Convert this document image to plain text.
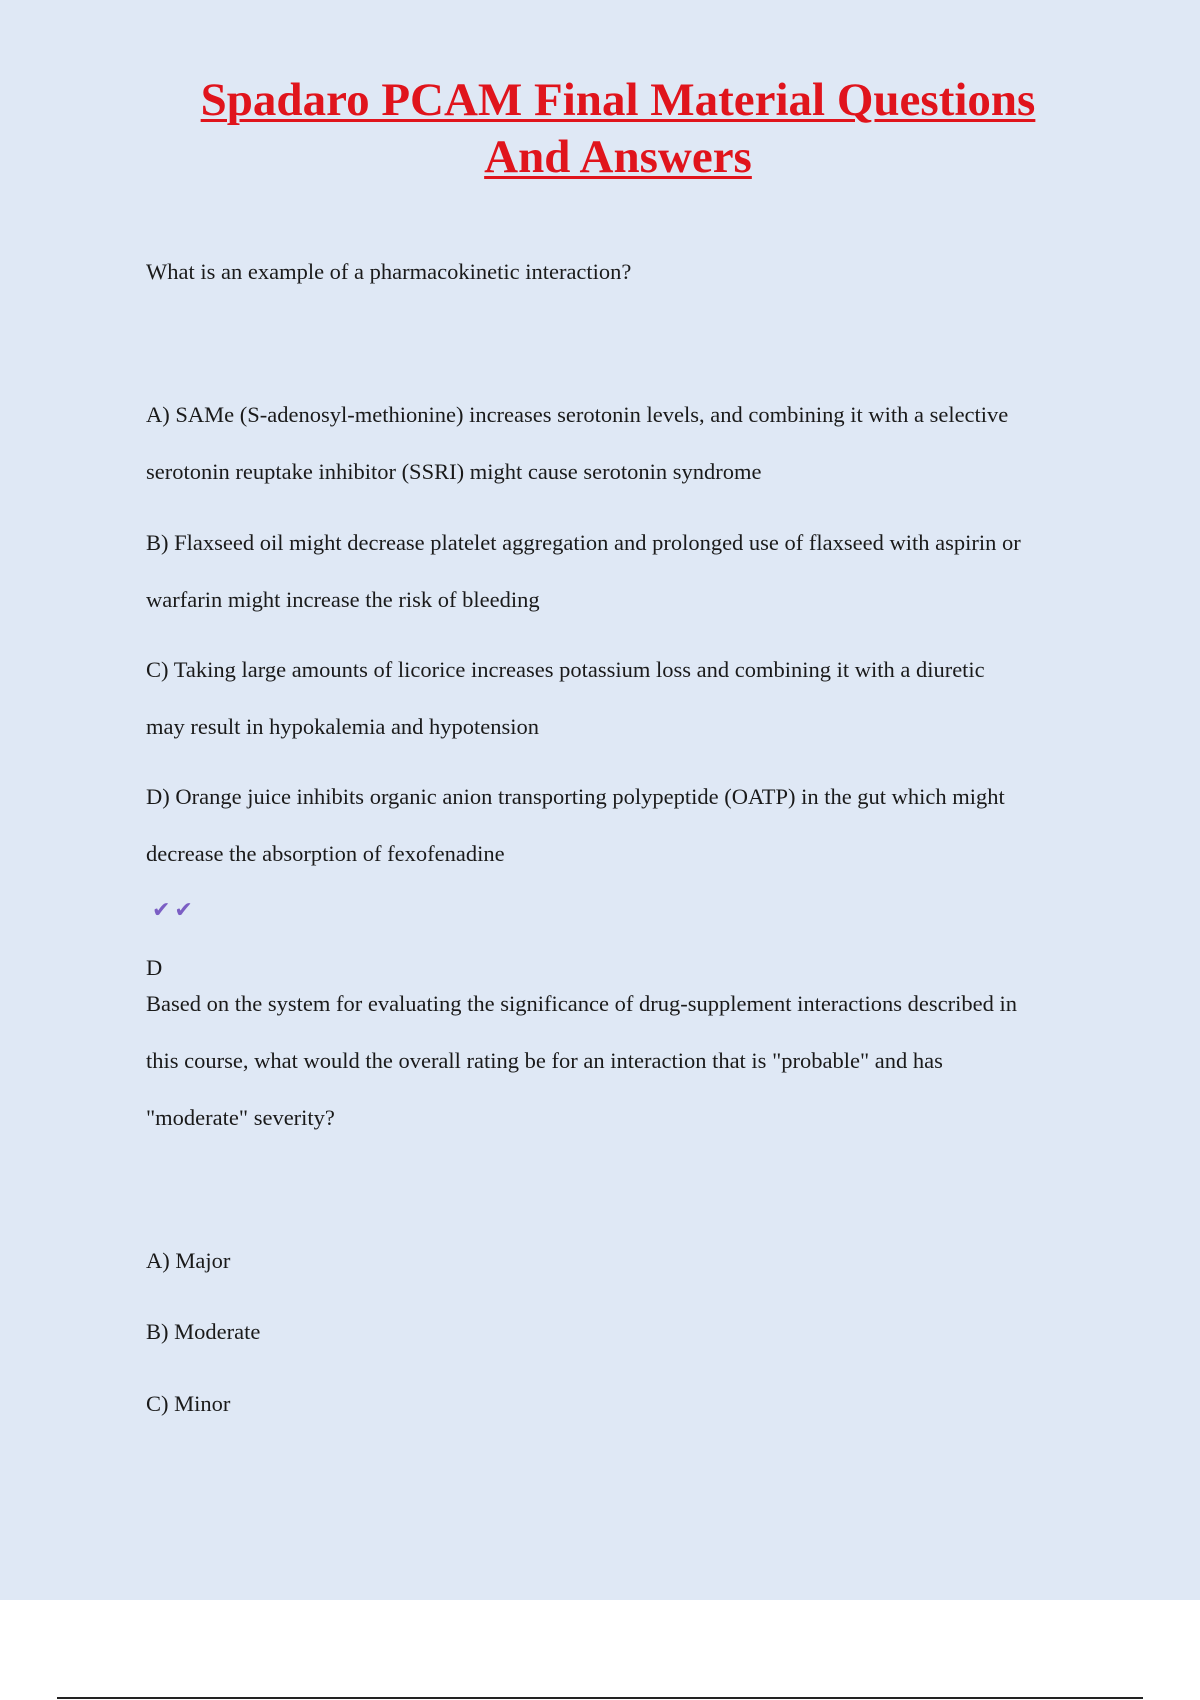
Spadaro PCAM Final Material Questions
And Answers

What is an example of a pharmacokinetic interaction?

A) SAMe (S-adenosyl-methionine) increases serotonin levels, and combining it with a selective
serotonin reuptake inhibitor (SSRI) might cause serotonin syndrome

B) Flaxseed oil might decrease platelet aggregation and prolonged use of flaxseed with aspirin or
warfarin might increase the risk of bleeding

C) Taking large amounts of licorice increases potassium loss and combining it with a diuretic
may result in hypokalemia and hypotension

D) Orange juice inhibits organic anion transporting polypeptide (OATP) in the gut which might
decrease the absorption of fexofenadine
✔✔
D

Based on the system for evaluating the significance of drug-supplement interactions described in
this course, what would the overall rating be for an interaction that is "probable" and has
"moderate" severity?

A) Major

B) Moderate

C) Minor
